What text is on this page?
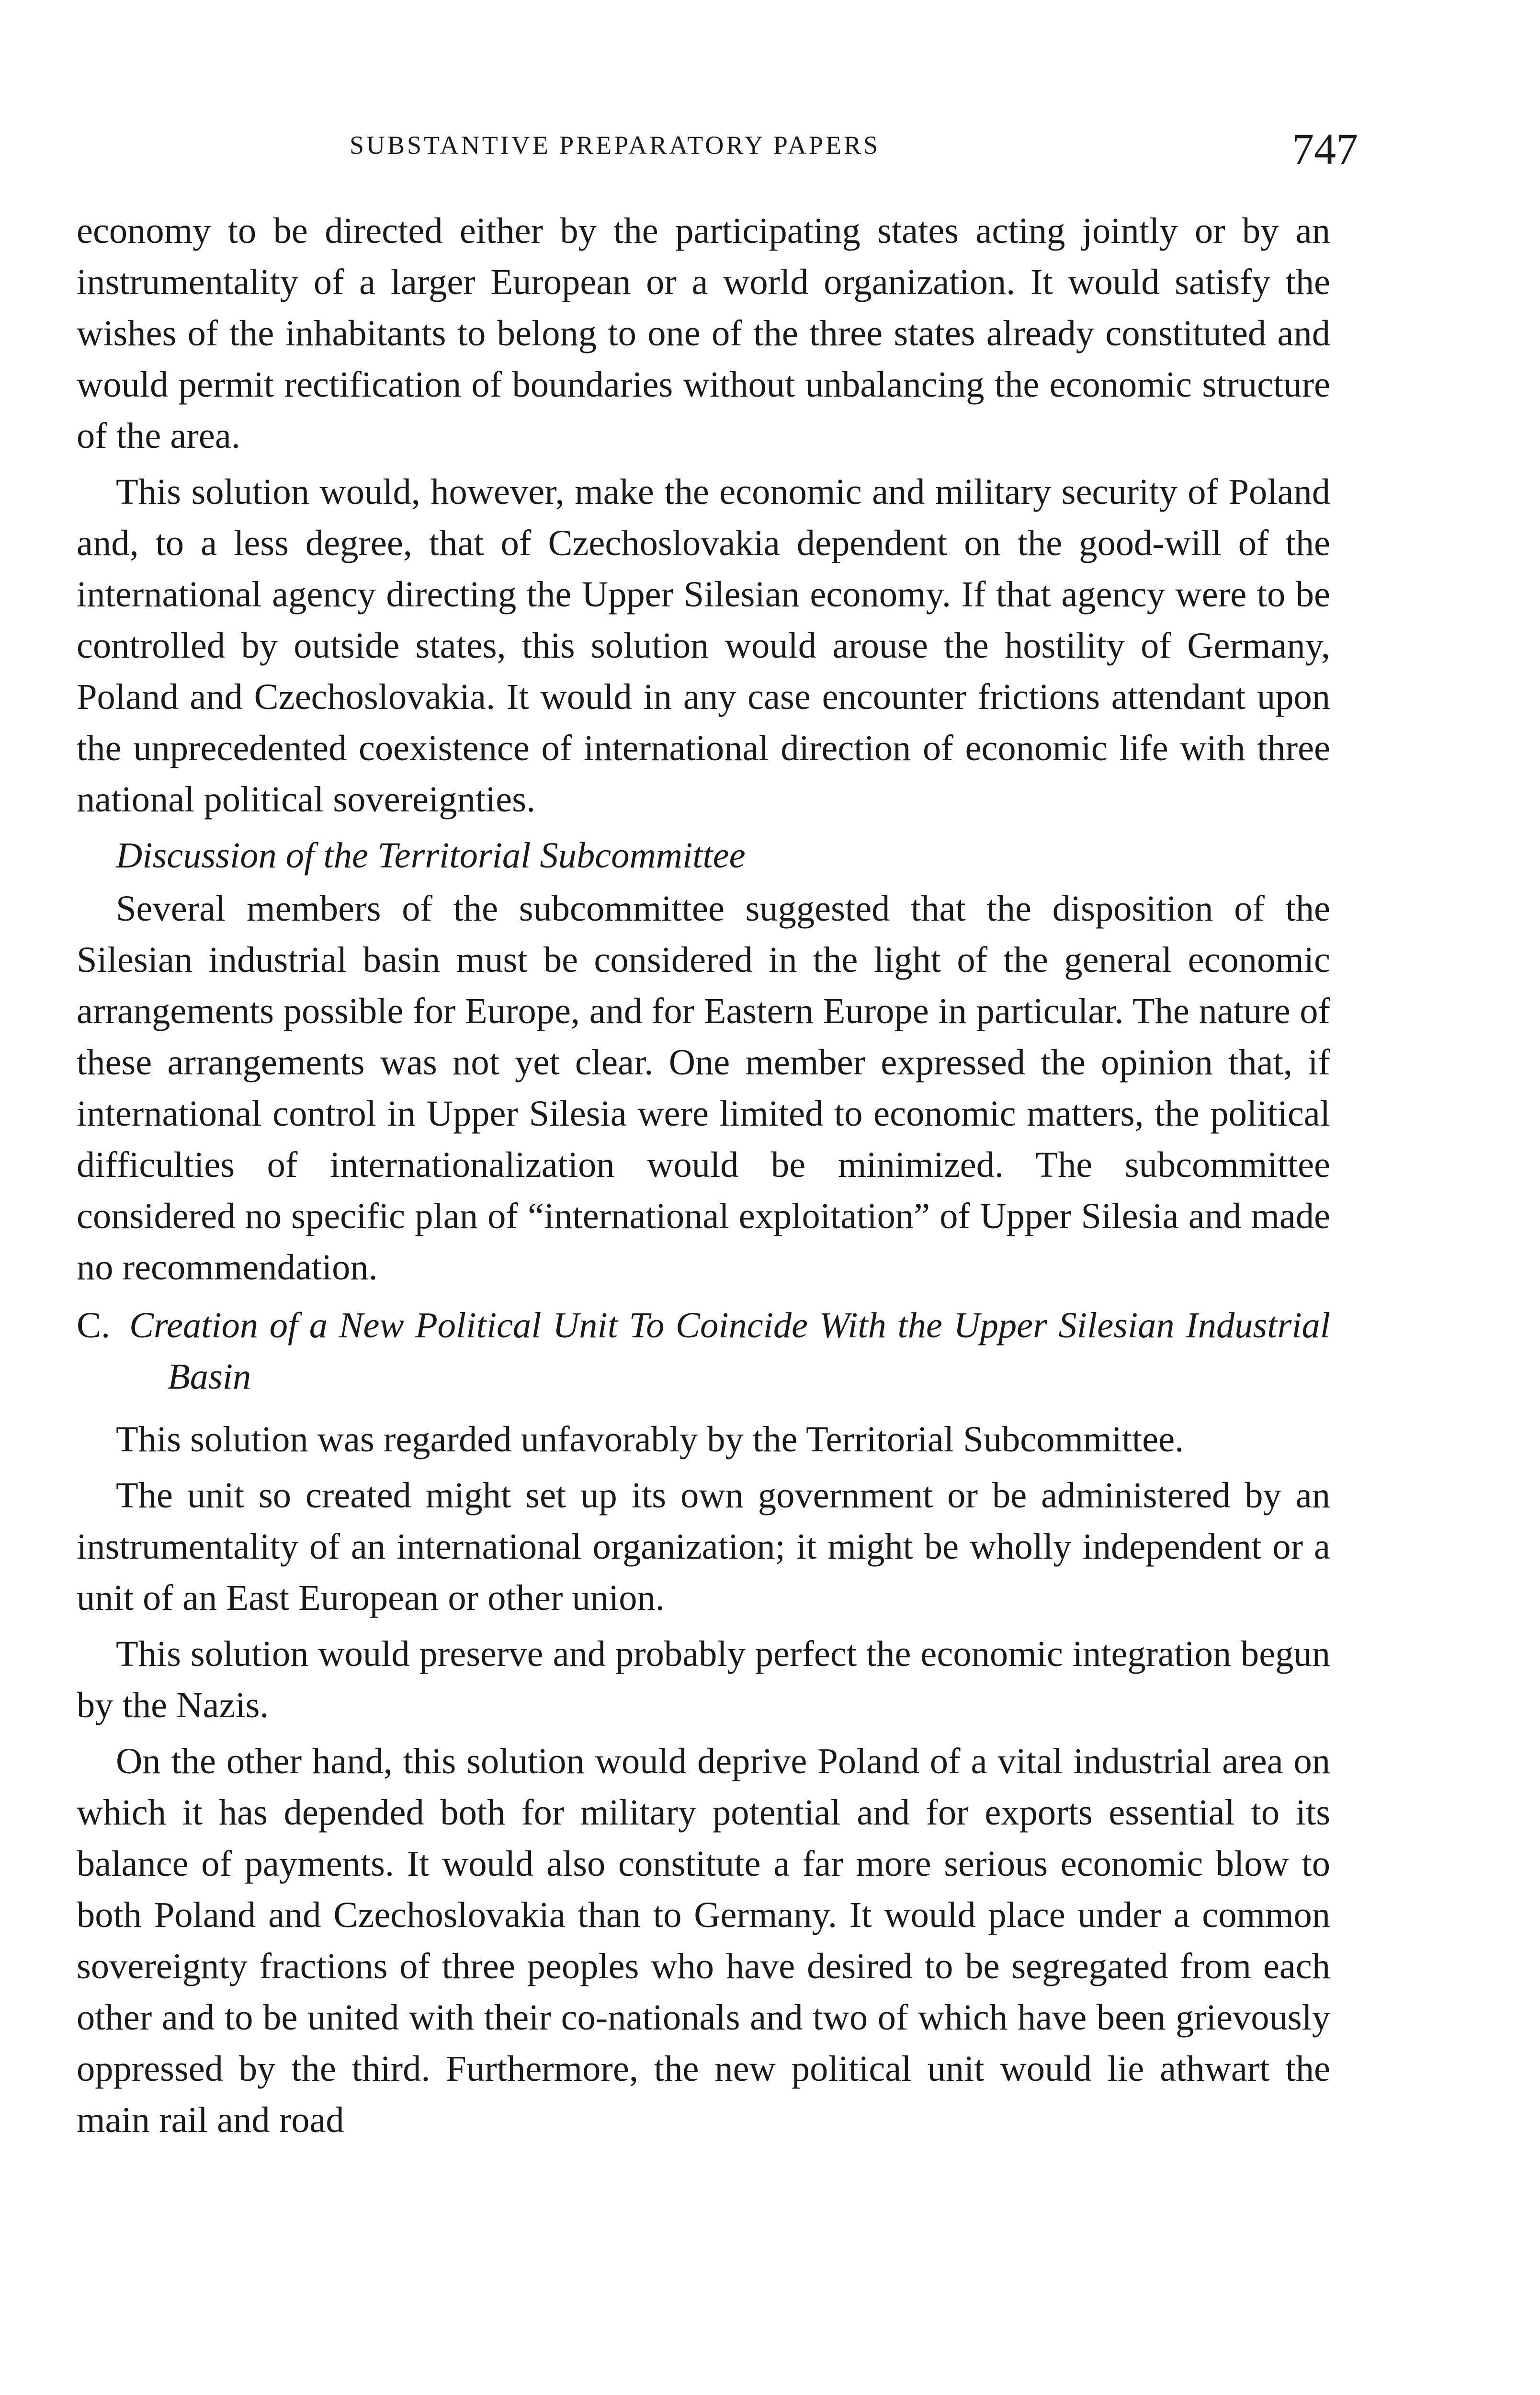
SUBSTANTIVE PREPARATORY PAPERS	747

economy to be directed either by the participating states acting jointly or by an instrumentality of a larger European or a world organization. It would satisfy the wishes of the inhabitants to belong to one of the three states already constituted and would permit rectification of boundaries without unbalancing the economic structure of the area.

This solution would, however, make the economic and military security of Poland and, to a less degree, that of Czechoslovakia dependent on the good-will of the international agency directing the Upper Silesian economy. If that agency were to be controlled by outside states, this solution would arouse the hostility of Germany, Poland and Czechoslovakia. It would in any case encounter frictions attendant upon the unprecedented coexistence of international direction of economic life with three national political sovereignties.

Discussion of the Territorial Subcommittee

Several members of the subcommittee suggested that the disposition of the Silesian industrial basin must be considered in the light of the general economic arrangements possible for Europe, and for Eastern Europe in particular. The nature of these arrangements was not yet clear. One member expressed the opinion that, if international control in Upper Silesia were limited to economic matters, the political difficulties of internationalization would be minimized. The subcommittee considered no specific plan of “international exploitation” of Upper Silesia and made no recommendation.

C. Creation of a New Political Unit To Coincide With the Upper Silesian Industrial Basin

This solution was regarded unfavorably by the Territorial Subcommittee.

The unit so created might set up its own government or be administered by an instrumentality of an international organization; it might be wholly independent or a unit of an East European or other union.

This solution would preserve and probably perfect the economic integration begun by the Nazis.

On the other hand, this solution would deprive Poland of a vital industrial area on which it has depended both for military potential and for exports essential to its balance of payments. It would also constitute a far more serious economic blow to both Poland and Czechoslovakia than to Germany. It would place under a common sovereignty fractions of three peoples who have desired to be segregated from each other and to be united with their co-nationals and two of which have been grievously oppressed by the third. Furthermore, the new political unit would lie athwart the main rail and road
